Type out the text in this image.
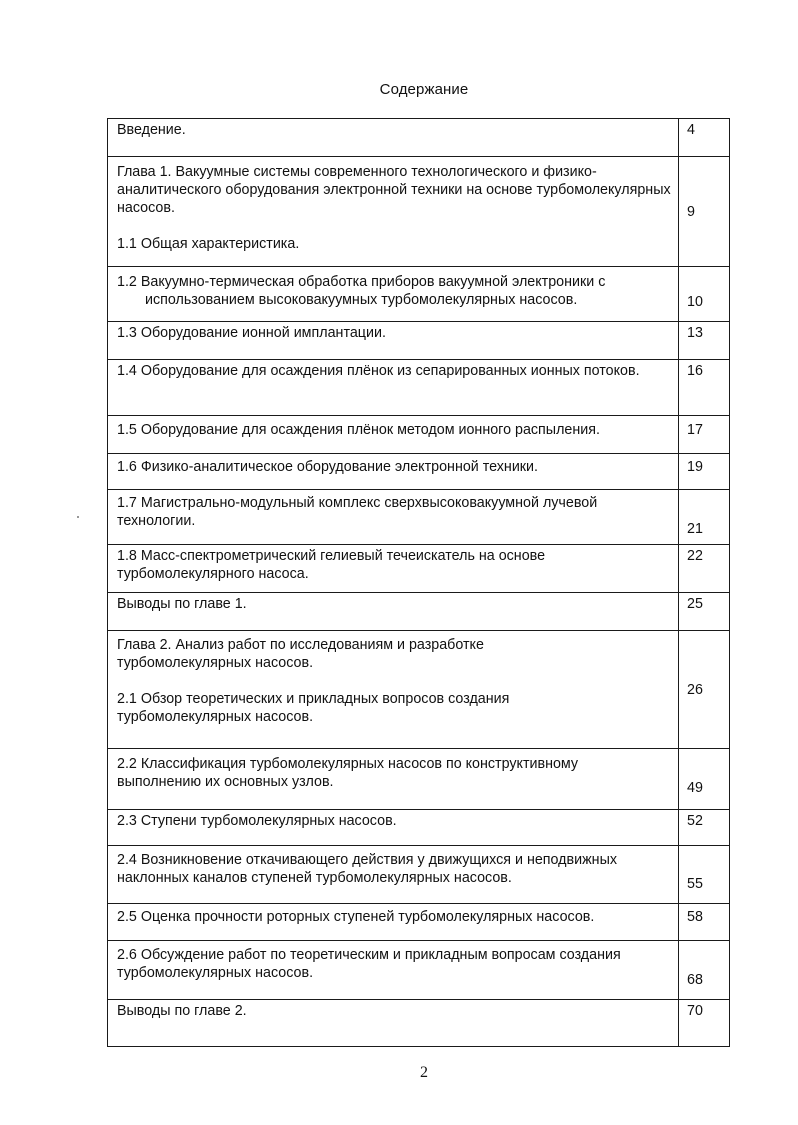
Содержание
Введение.	4

Глава 1. Вакуумные системы современного технологического и физико-аналитического оборудования электронной техники на основе турбомолекулярных насосов.
1.1 Общая характеристика.	9

1.2 Вакуумно-термическая обработка приборов вакуумной электроники с
использованием высоковакуумных турбомолекулярных насосов.	10

1.3 Оборудование ионной имплантации.	13

1.4 Оборудование для осаждения плёнок из сепарированных ионных потоков.	16

1.5 Оборудование для осаждения плёнок методом ионного распыления.	17

1.6 Физико-аналитическое оборудование электронной техники.	19

1.7 Магистрально-модульный комплекс сверхвысоковакуумной лучевой технологии.	21

1.8 Масс-спектрометрический гелиевый течеискатель на основе турбомолекулярного насоса.	22

Выводы по главе 1.	25

Глава 2. Анализ работ по исследованиям и разработке турбомолекулярных насосов.
2.1 Обзор теоретических и прикладных вопросов создания турбомолекулярных насосов.	26

2.2 Классификация турбомолекулярных насосов по конструктивному выполнению их основных узлов.	49

2.3 Ступени турбомолекулярных насосов.	52

2.4 Возникновение откачивающего действия у движущихся и неподвижных наклонных каналов ступеней турбомолекулярных насосов.	55

2.5 Оценка прочности роторных ступеней турбомолекулярных насосов.	58

2.6 Обсуждение работ по теоретическим и прикладным вопросам создания турбомолекулярных насосов.	68

Выводы по главе 2.	70
2
